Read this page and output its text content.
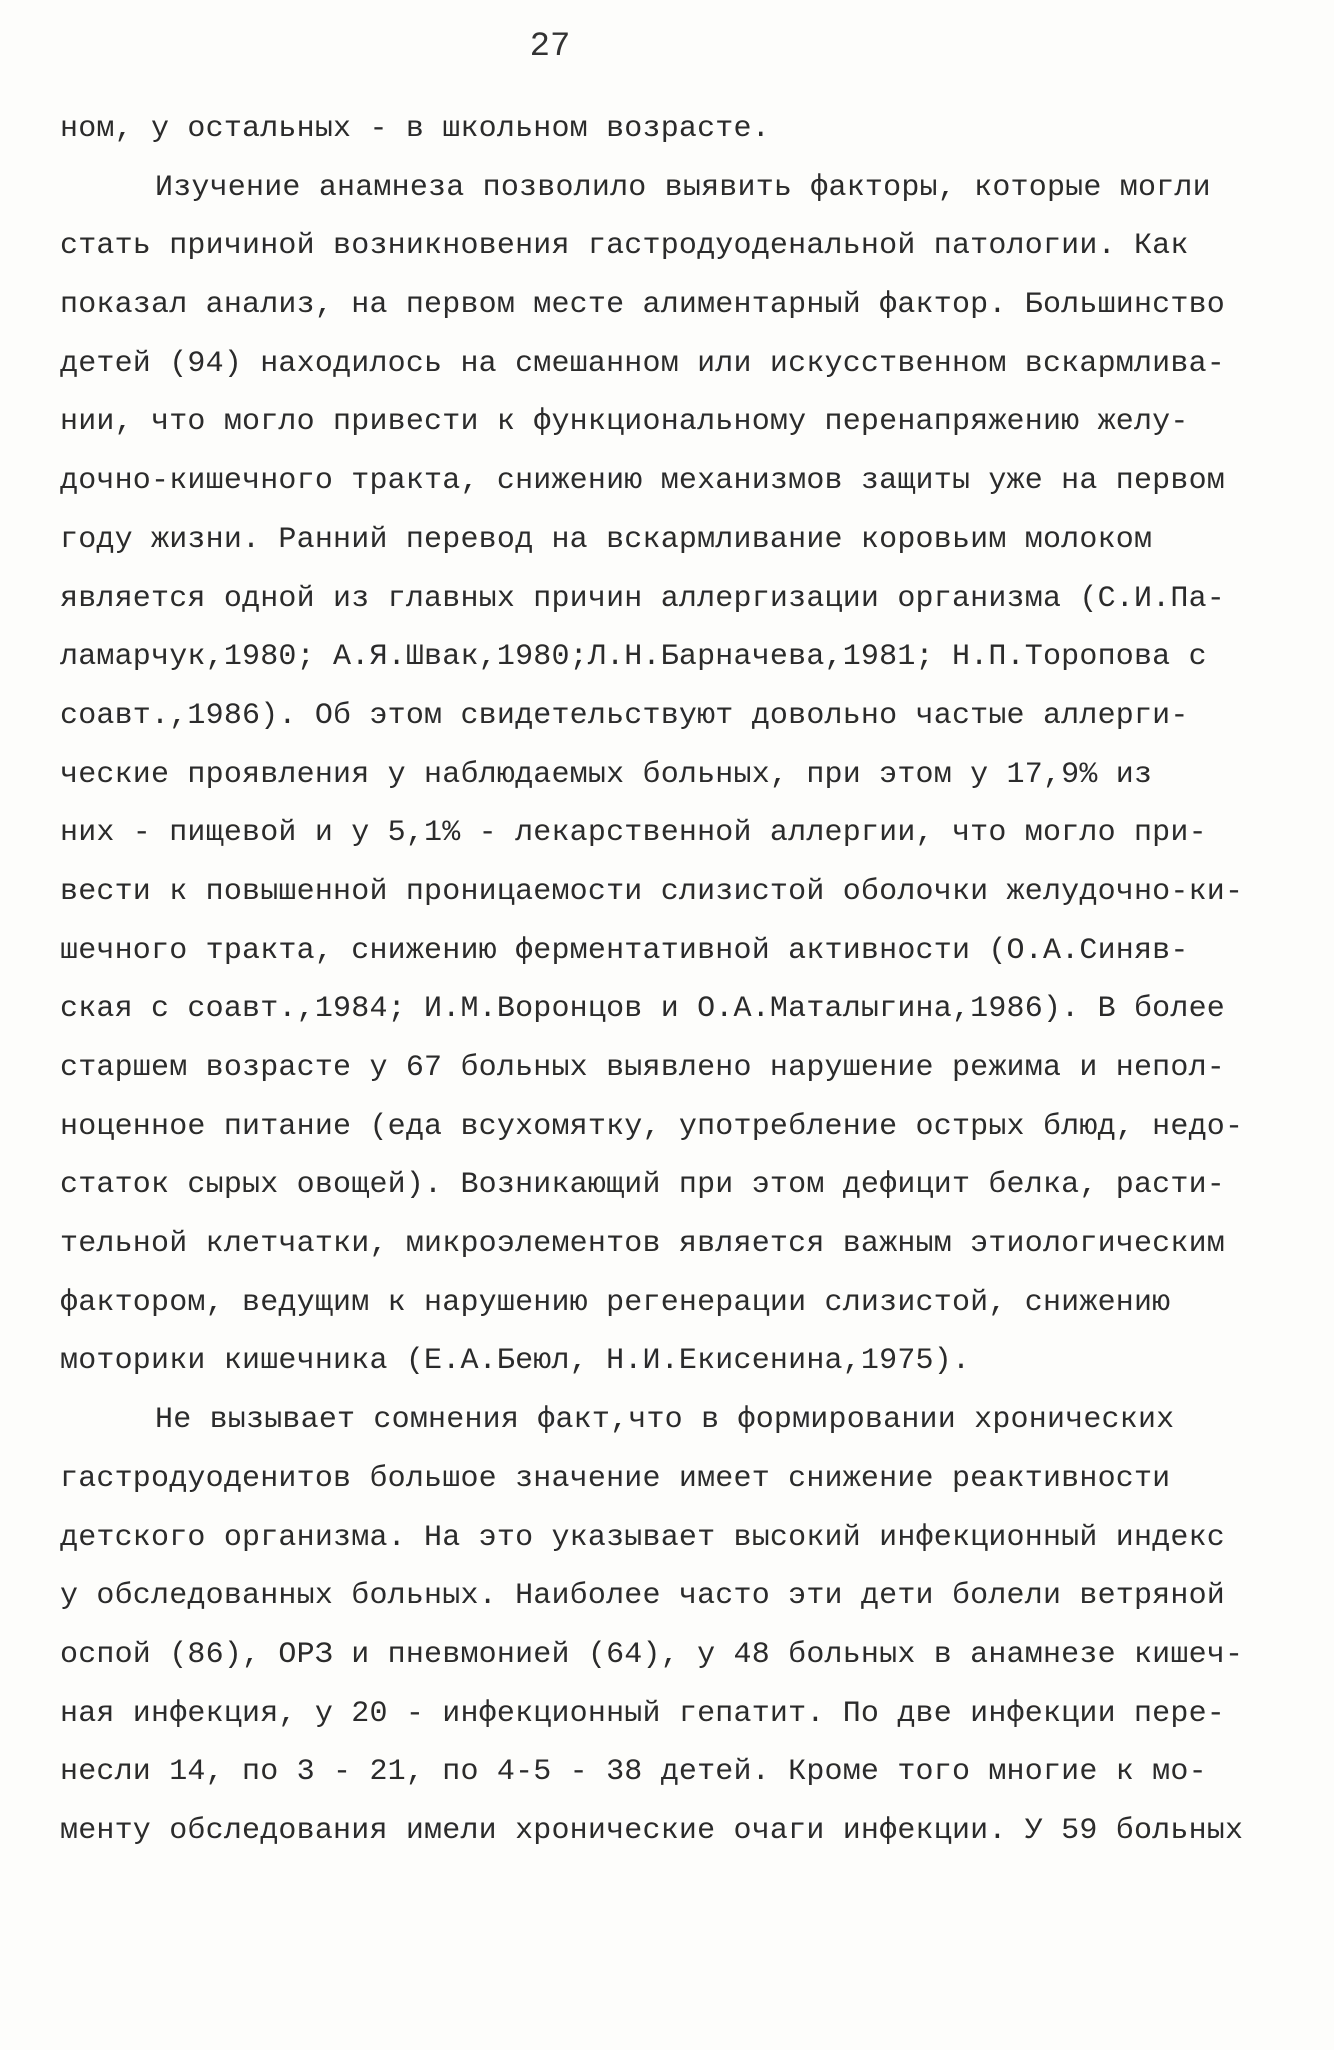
27
ном, у остальных - в школьном возрасте.
Изучение анамнеза позволило выявить факторы, которые могли
стать причиной возникновения гастродуоденальной патологии. Как
показал анализ, на первом месте алиментарный фактор. Большинство
детей (94) находилось на смешанном или искусственном вскармлива-
нии, что могло привести к функциональному перенапряжению желу-
дочно-кишечного тракта, снижению механизмов защиты уже на первом
году жизни. Ранний перевод на вскармливание коровьим молоком
является одной из главных причин аллергизации организма (С.И.Па-
ламарчук,1980; А.Я.Швак,1980;Л.Н.Барначева,1981; Н.П.Торопова с
соавт.,1986). Об этом свидетельствуют довольно частые аллерги-
ческие проявления у наблюдаемых больных, при этом у 17,9% из
них - пищевой и у 5,1% - лекарственной аллергии, что могло при-
вести к повышенной проницаемости слизистой оболочки желудочно-ки-
шечного тракта, снижению ферментативной активности (О.А.Синяв-
ская с соавт.,1984; И.М.Воронцов и О.А.Маталыгина,1986). В более
старшем возрасте у 67 больных выявлено нарушение режима и непол-
ноценное питание (еда всухомятку, употребление острых блюд, недо-
статок сырых овощей). Возникающий при этом дефицит белка, расти-
тельной клетчатки, микроэлементов является важным этиологическим
фактором, ведущим к нарушению регенерации слизистой, снижению
моторики кишечника (Е.А.Беюл, Н.И.Екисенина,1975).
Не вызывает сомнения факт,что в формировании хронических
гастродуоденитов большое значение имеет снижение реактивности
детского организма. На это указывает высокий инфекционный индекс
у обследованных больных. Наиболее часто эти дети болели ветряной
оспой (86), ОРЗ и пневмонией (64), у 48 больных в анамнезе кишеч-
ная инфекция, у 20 - инфекционный гепатит. По две инфекции пере-
несли 14, по 3 - 21, по 4-5 - 38 детей. Кроме того многие к мо-
менту обследования имели хронические очаги инфекции. У 59 больных
